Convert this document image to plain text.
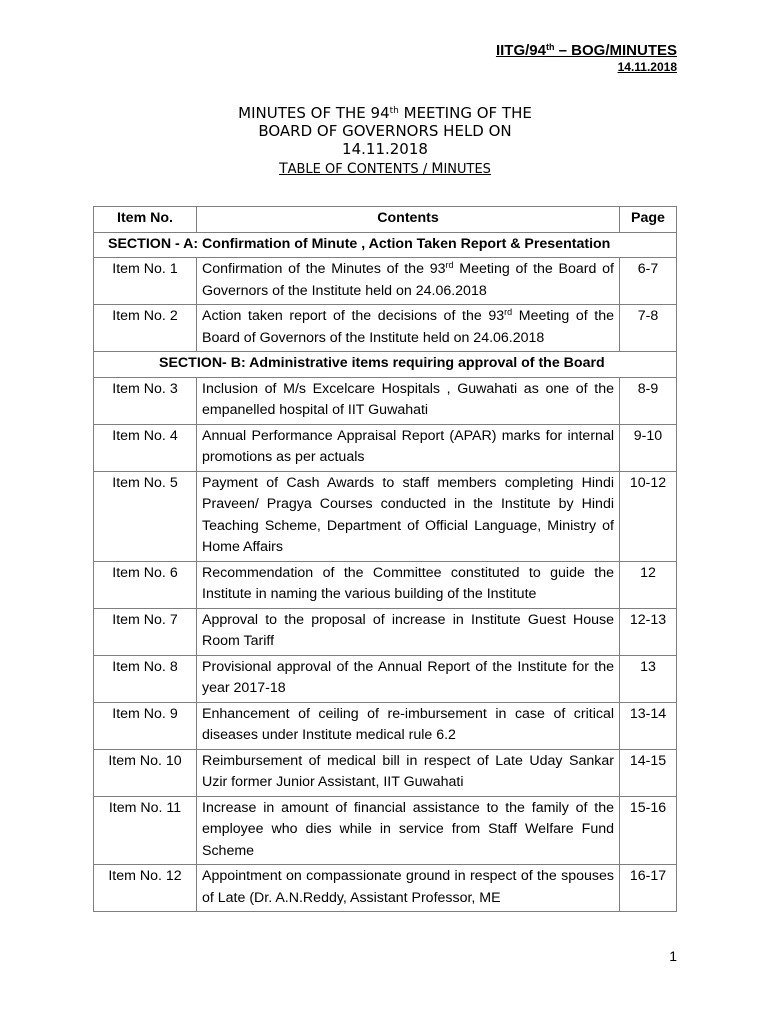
IITG/94th – BOG/MINUTES
14.11.2018
MINUTES OF THE 94th MEETING OF THE
BOARD OF GOVERNORS HELD ON
14.11.2018
TABLE OF CONTENTS / MINUTES
Item No.	Contents	Page
SECTION - A: Confirmation of Minute , Action Taken Report & Presentation		
Item No. 1	Confirmation of the Minutes of the 93rd Meeting of the Board of Governors of the Institute held on 24.06.2018	6-7
Item No. 2	Action taken report of the decisions of the 93rd Meeting of the Board of Governors of the Institute held on 24.06.2018	7-8
SECTION- B: Administrative items requiring approval of the Board		
Item No. 3	Inclusion of M/s Excelcare Hospitals , Guwahati as one of the empanelled hospital of IIT Guwahati	8-9
Item No. 4	Annual Performance Appraisal Report (APAR) marks for internal promotions as per actuals	9-10
Item No. 5	Payment of Cash Awards to staff members completing Hindi Praveen/ Pragya Courses conducted in the Institute by Hindi Teaching Scheme, Department of Official Language, Ministry of Home Affairs	10-12
Item No. 6	Recommendation of the Committee constituted to guide the Institute in naming the various building of the Institute	12
Item No. 7	Approval to the proposal of increase in Institute Guest House Room Tariff	12-13
Item No. 8	Provisional approval of the Annual Report of the Institute for the year 2017-18	13
Item No. 9	Enhancement of ceiling of re-imbursement in case of critical diseases under Institute medical rule 6.2	13-14
Item No. 10	Reimbursement of medical bill in respect of Late Uday Sankar Uzir former Junior Assistant, IIT Guwahati	14-15
Item No. 11	Increase in amount of financial assistance to the family of the employee who dies while in service from Staff Welfare Fund Scheme	15-16
Item No. 12	Appointment on compassionate ground in respect of the spouses of Late (Dr. A.N.Reddy, Assistant Professor, ME	16-17
1
